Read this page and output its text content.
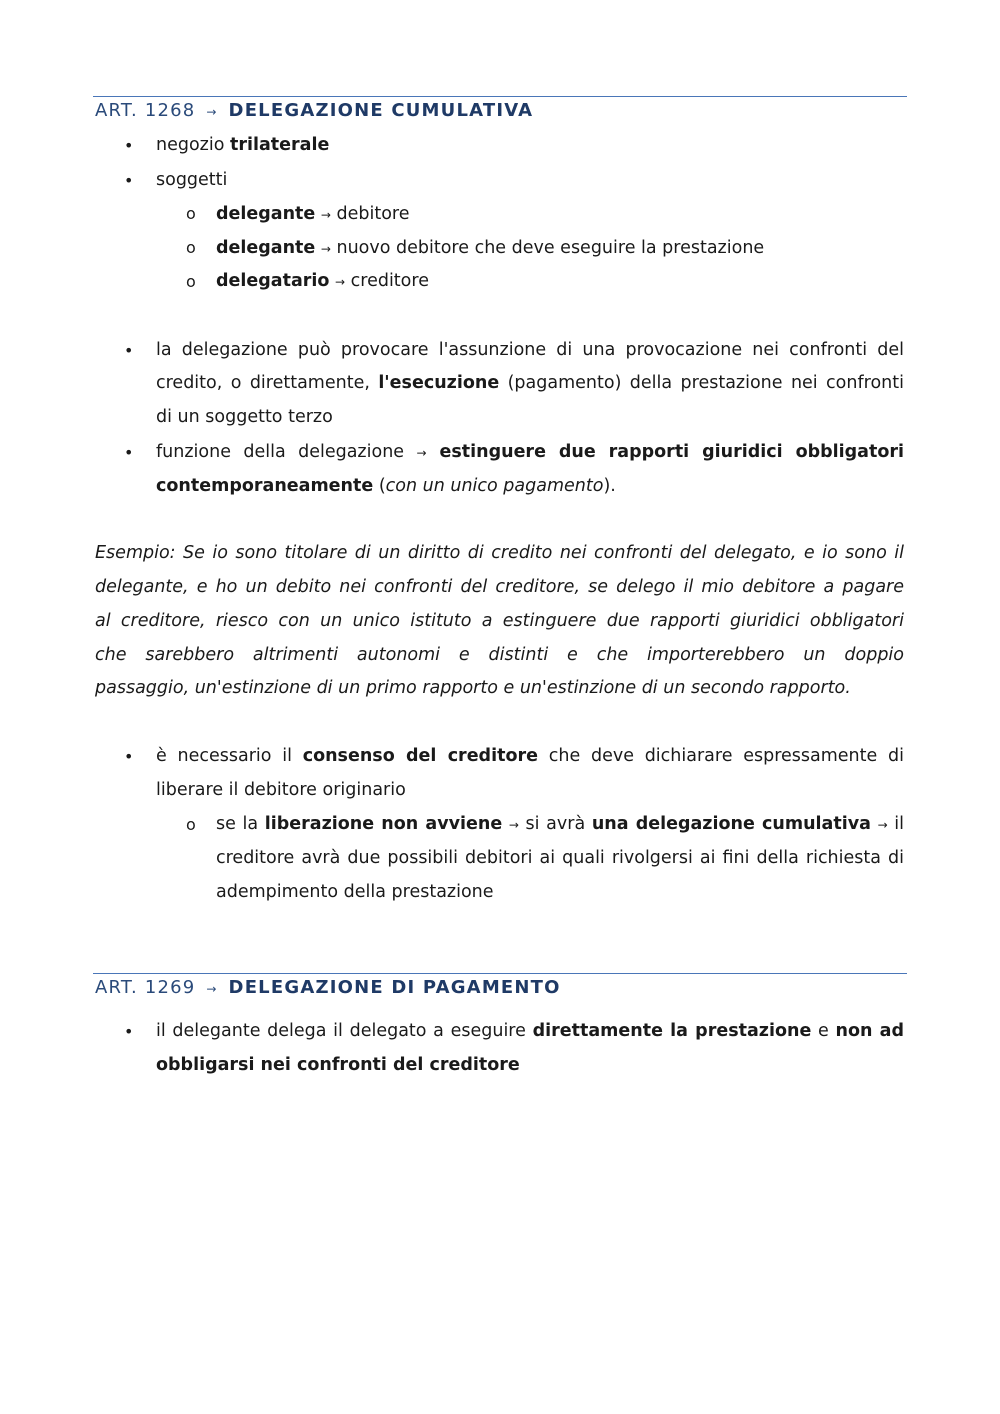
ART. 1268 → DELEGAZIONE CUMULATIVA
• negozio trilaterale
• soggetti
o delegante → debitore
o delegante → nuovo debitore che deve eseguire la prestazione
o delegatario → creditore
• la delegazione può provocare l'assunzione di una provocazione nei confronti del
credito, o direttamente, l'esecuzione (pagamento) della prestazione nei confronti
di un soggetto terzo
• funzione della delegazione → estinguere due rapporti giuridici obbligatori
contemporaneamente (con un unico pagamento).
Esempio: Se io sono titolare di un diritto di credito nei confronti del delegato, e io sono il
delegante, e ho un debito nei confronti del creditore, se delego il mio debitore a pagare
al creditore, riesco con un unico istituto a estinguere due rapporti giuridici obbligatori
che sarebbero altrimenti autonomi e distinti e che importerebbero un doppio
passaggio, un'estinzione di un primo rapporto e un'estinzione di un secondo rapporto.
• è necessario il consenso del creditore che deve dichiarare espressamente di
liberare il debitore originario
o se la liberazione non avviene → si avrà una delegazione cumulativa → il
creditore avrà due possibili debitori ai quali rivolgersi ai fini della richiesta di
adempimento della prestazione
ART. 1269 → DELEGAZIONE DI PAGAMENTO
• il delegante delega il delegato a eseguire direttamente la prestazione e non ad
obbligarsi nei confronti del creditore
